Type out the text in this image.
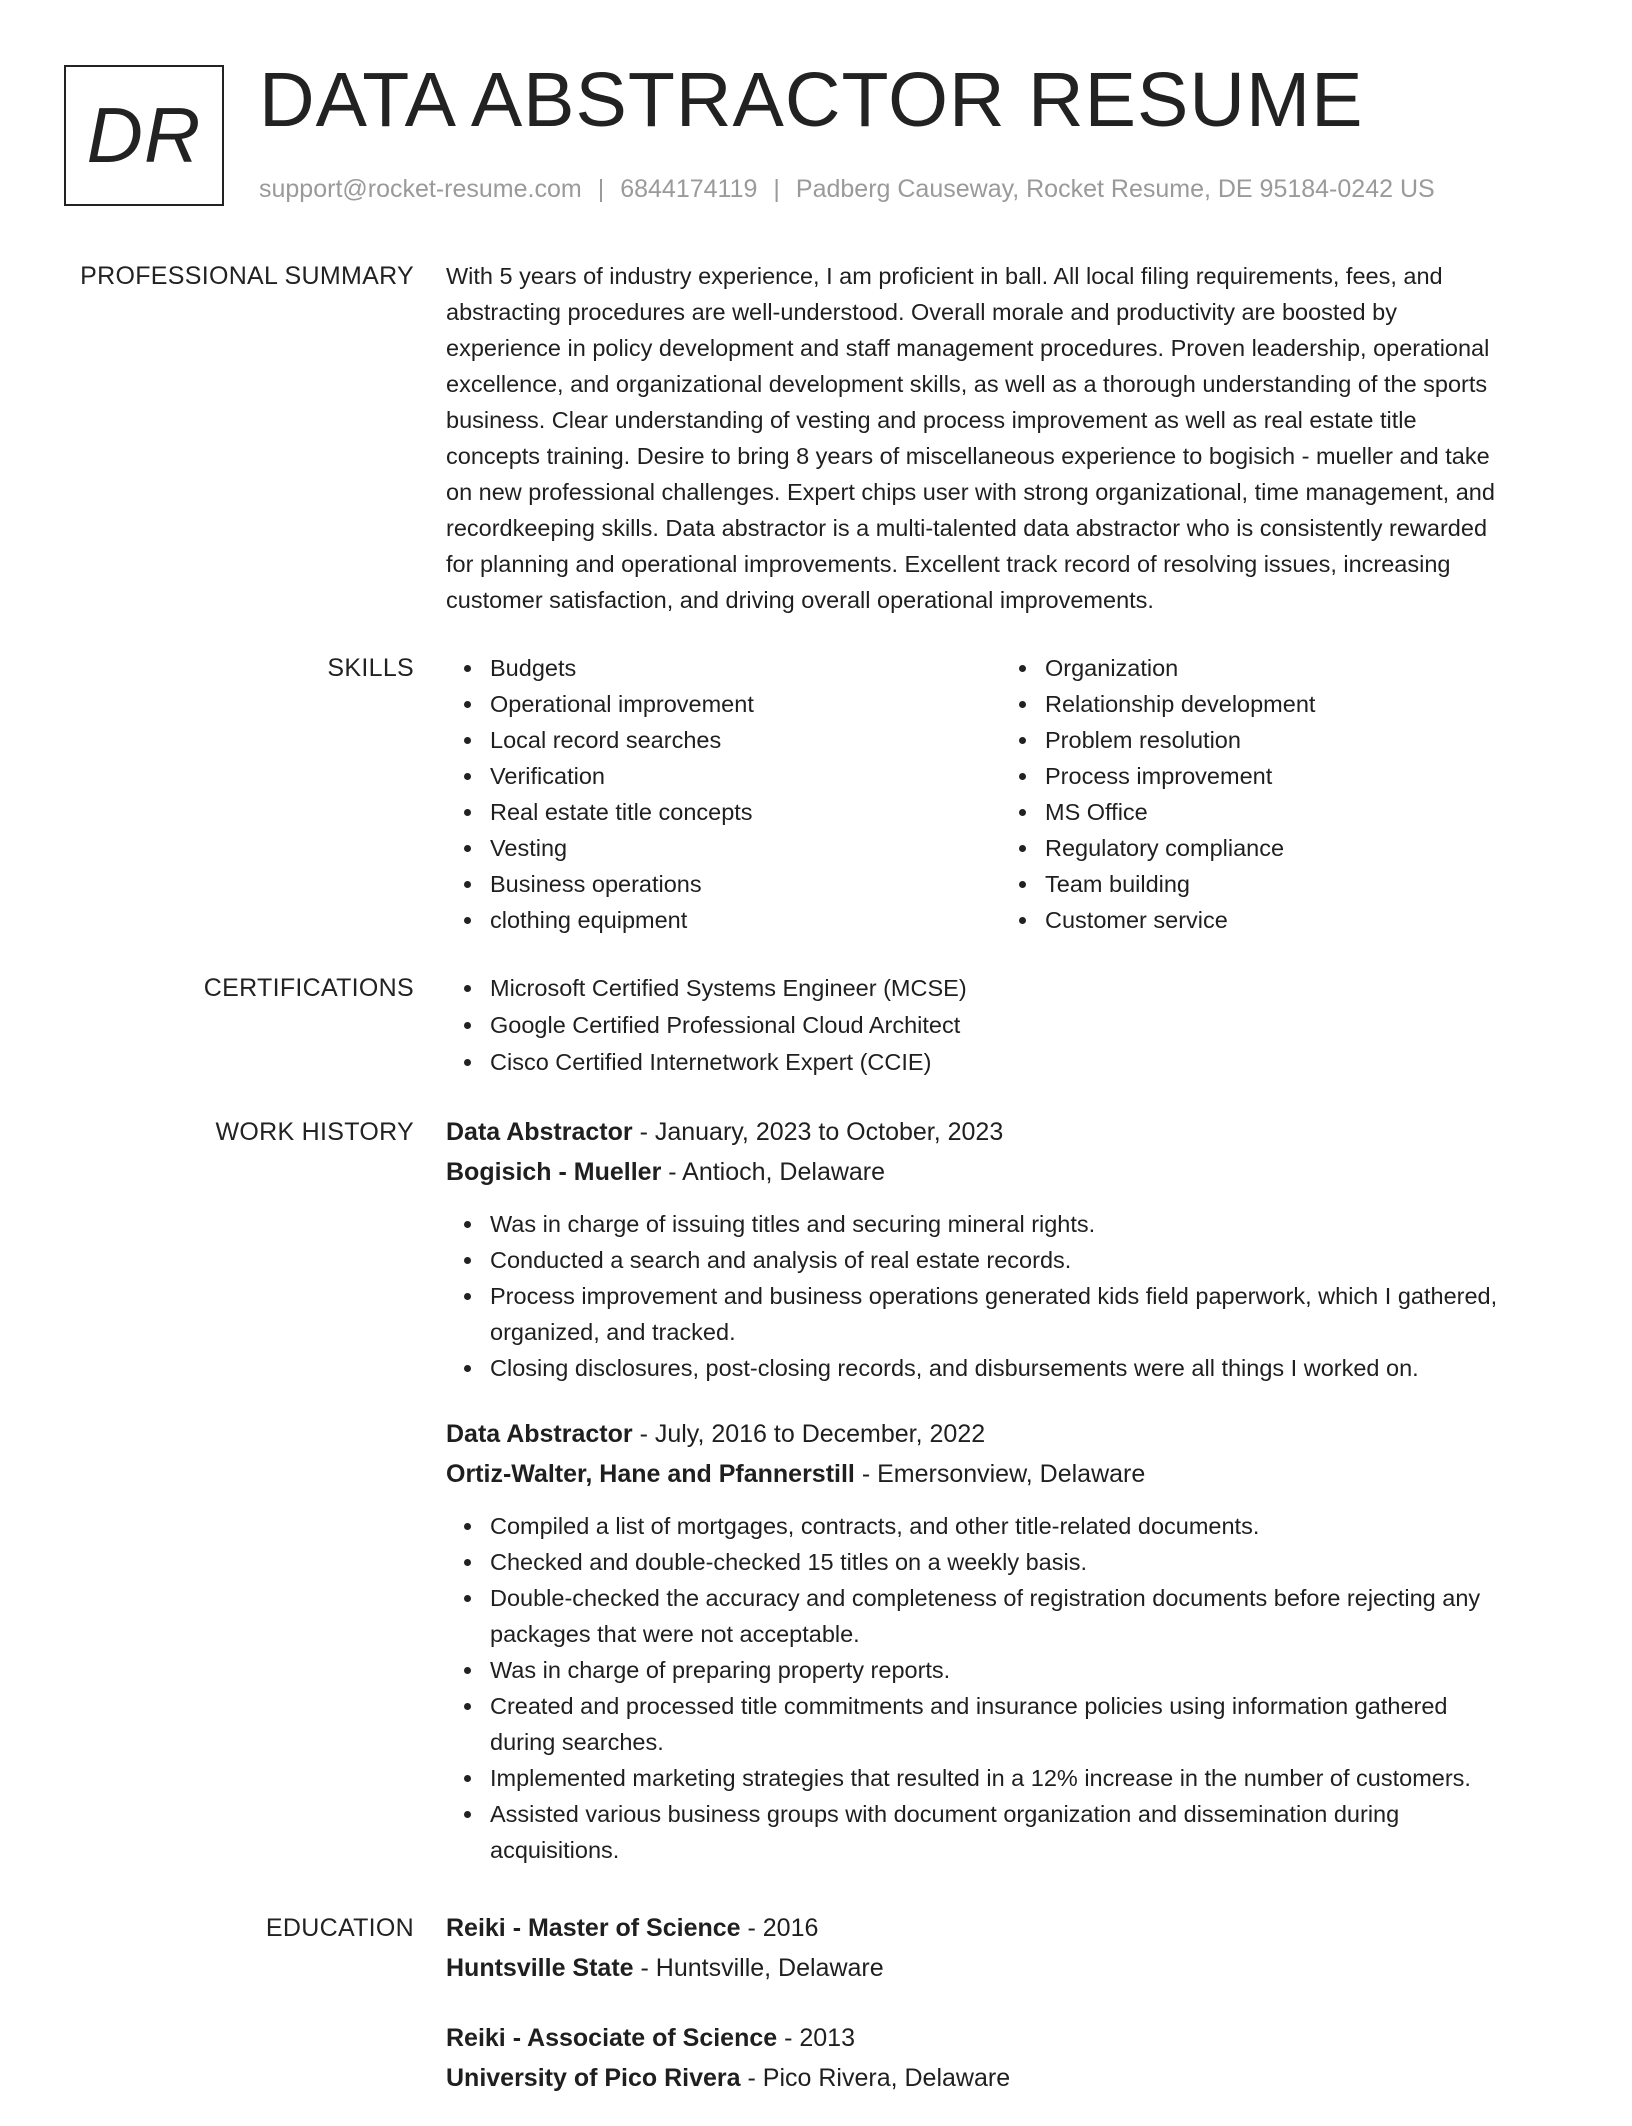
DR DATA ABSTRACTOR RESUME
support@rocket-resume.com | 6844174119 | Padberg Causeway, Rocket Resume, DE 95184-0242 US
PROFESSIONAL SUMMARY With 5 years of industry experience, I am proficient in ball. All local filing requirements, fees, and
abstracting procedures are well-understood. Overall morale and productivity are boosted by
experience in policy development and staff management procedures. Proven leadership, operational
excellence, and organizational development skills, as well as a thorough understanding of the sports
business. Clear understanding of vesting and process improvement as well as real estate title
concepts training. Desire to bring 8 years of miscellaneous experience to bogisich - mueller and take
on new professional challenges. Expert chips user with strong organizational, time management, and
recordkeeping skills. Data abstractor is a multi-talented data abstractor who is consistently rewarded
for planning and operational improvements. Excellent track record of resolving issues, increasing
customer satisfaction, and driving overall operational improvements.
SKILLS	Budgets
Operational improvement
Local record searches
Verification
Real estate title concepts
Vesting
Business operations
clothing equipment
Organization
Relationship development
Problem resolution
Process improvement
MS Office
Regulatory compliance
Team building
Customer service
CERTIFICATIONS	Microsoft Certified Systems Engineer (MCSE)
Google Certified Professional Cloud Architect
Cisco Certified Internetwork Expert (CCIE)
WORK HISTORY Data Abstractor - January, 2023 to October, 2023
Bogisich - Mueller - Antioch, Delaware
Was in charge of issuing titles and securing mineral rights.
Conducted a search and analysis of real estate records.
Process improvement and business operations generated kids field paperwork, which I gathered,
organized, and tracked.
Closing disclosures, post-closing records, and disbursements were all things I worked on.
Data Abstractor - July, 2016 to December, 2022
Ortiz-Walter, Hane and Pfannerstill - Emersonview, Delaware
Compiled a list of mortgages, contracts, and other title-related documents.
Checked and double-checked 15 titles on a weekly basis.
Double-checked the accuracy and completeness of registration documents before rejecting any
packages that were not acceptable.
Was in charge of preparing property reports.
Created and processed title commitments and insurance policies using information gathered
during searches.
Implemented marketing strategies that resulted in a 12% increase in the number of customers.
Assisted various business groups with document organization and dissemination during
acquisitions.
EDUCATION Reiki - Master of Science - 2016
Huntsville State - Huntsville, Delaware
Reiki - Associate of Science - 2013
University of Pico Rivera - Pico Rivera, Delaware
